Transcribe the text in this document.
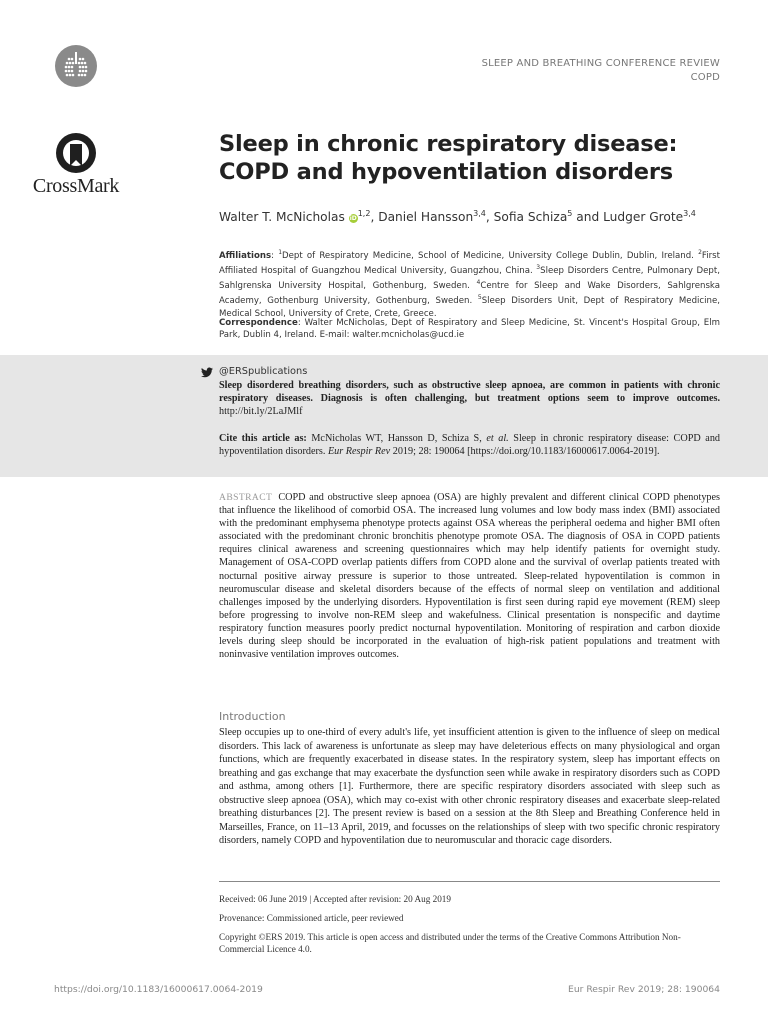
CrossMark
SLEEP AND BREATHING CONFERENCE REVIEW
COPD
Sleep in chronic respiratory disease:
COPD and hypoventilation disorders
Walter T. McNicholas iD$^{1,2}$, Daniel Hansson$^{3,4}$, Sofia Schiza$^5$ and Ludger Grote$^{3,4}$

Affiliations: $^1$Dept of Respiratory Medicine, School of Medicine, University College Dublin, Dublin, Ireland. $^2$First Affiliated Hospital of Guangzhou Medical University, Guangzhou, China. $^3$Sleep Disorders Centre, Pulmonary Dept, Sahlgrenska University Hospital, Gothenburg, Sweden. $^4$Centre for Sleep and Wake Disorders, Sahlgrenska Academy, Gothenburg University, Gothenburg, Sweden. $^5$Sleep Disorders Unit, Dept of Respiratory Medicine, Medical School, University of Crete, Crete, Greece.

Correspondence: Walter McNicholas, Dept of Respiratory and Sleep Medicine, St. Vincent's Hospital Group, Elm Park, Dublin 4, Ireland. E-mail: walter.mcnicholas@ucd.ie

@ERSpublications

Sleep disordered breathing disorders, such as obstructive sleep apnoea, are common in patients with chronic respiratory diseases. Diagnosis is often challenging, but treatment options seem to improve outcomes. http://bit.ly/2LaJMlf

Cite this article as: McNicholas WT, Hansson D, Schiza S, et al. Sleep in chronic respiratory disease: COPD and hypoventilation disorders. Eur Respir Rev 2019; 28: 190064 [https://doi.org/10.1183/16000617.0064-2019].

ABSTRACT COPD and obstructive sleep apnoea (OSA) are highly prevalent and different clinical COPD phenotypes that influence the likelihood of comorbid OSA. The increased lung volumes and low body mass index (BMI) associated with the predominant emphysema phenotype protects against OSA whereas the peripheral oedema and higher BMI often associated with the predominant chronic bronchitis phenotype promote OSA. The diagnosis of OSA in COPD patients requires clinical awareness and screening questionnaires which may help identify patients for overnight study. Management of OSA-COPD overlap patients differs from COPD alone and the survival of overlap patients treated with nocturnal positive airway pressure is superior to those untreated. Sleep-related hypoventilation is common in neuromuscular disease and skeletal disorders because of the effects of normal sleep on ventilation and additional challenges imposed by the underlying disorders. Hypoventilation is first seen during rapid eye movement (REM) sleep before progressing to involve non-REM sleep and wakefulness. Clinical presentation is nonspecific and daytime respiratory function measures poorly predict nocturnal hypoventilation. Monitoring of respiration and carbon dioxide levels during sleep should be incorporated in the evaluation of high-risk patient populations and treatment with noninvasive ventilation improves outcomes.

Introduction

Sleep occupies up to one-third of every adult's life, yet insufficient attention is given to the influence of sleep on medical disorders. This lack of awareness is unfortunate as sleep may have deleterious effects on many physiological and organ functions, which are frequently exacerbated in disease states. In the respiratory system, sleep has important effects on breathing and gas exchange that may exacerbate the dysfunction seen while awake in respiratory disorders such as COPD and asthma, among others [1]. Furthermore, there are specific respiratory disorders associated with sleep such as obstructive sleep apnoea (OSA), which may co-exist with other chronic respiratory diseases and exacerbate sleep-related breathing disturbances [2]. The present review is based on a session at the 8th Sleep and Breathing Conference held in Marseilles, France, on 11–13 April, 2019, and focusses on the relationships of sleep with two specific chronic respiratory disorders, namely COPD and hypoventilation due to neuromuscular and thoracic cage disorders.

Received: 06 June 2019 | Accepted after revision: 20 Aug 2019

Provenance: Commissioned article, peer reviewed

Copyright ©ERS 2019. This article is open access and distributed under the terms of the Creative Commons Attribution Non-Commercial Licence 4.0.

https://doi.org/10.1183/16000617.0064-2019	Eur Respir Rev 2019; 28: 190064
